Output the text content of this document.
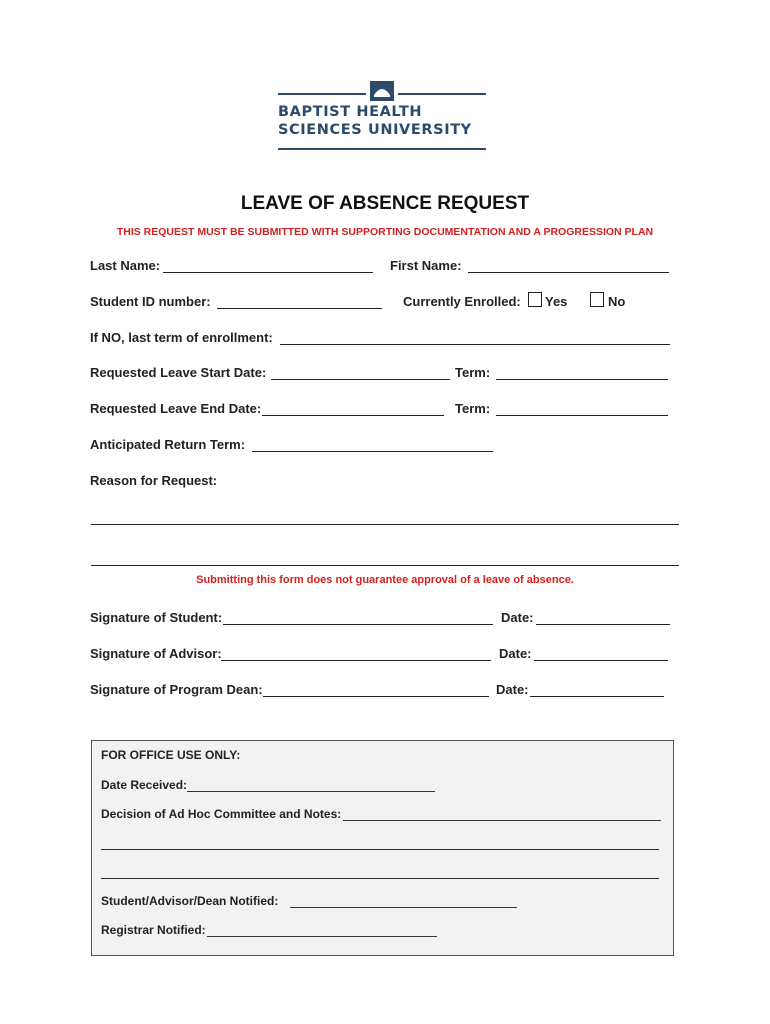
BAPTIST HEALTH
SCIENCES UNIVERSITY
LEAVE OF ABSENCE REQUEST
THIS REQUEST MUST BE SUBMITTED WITH SUPPORTING DOCUMENTATION AND A PROGRESSION PLAN
Last Name:	First Name:
Student ID number:	Currently Enrolled: Yes	No
If NO, last term of enrollment:
Requested Leave Start Date:	Term:
Requested Leave End Date:	Term:
Anticipated Return Term:
Reason for Request:
Submitting this form does not guarantee approval of a leave of absence.
Signature of Student:	Date:
Signature of Advisor:	Date:
Signature of Program Dean:	Date:
FOR OFFICE USE ONLY:
Date Received:
Decision of Ad Hoc Committee and Notes:
Student/Advisor/Dean Notified:
Registrar Notified:
